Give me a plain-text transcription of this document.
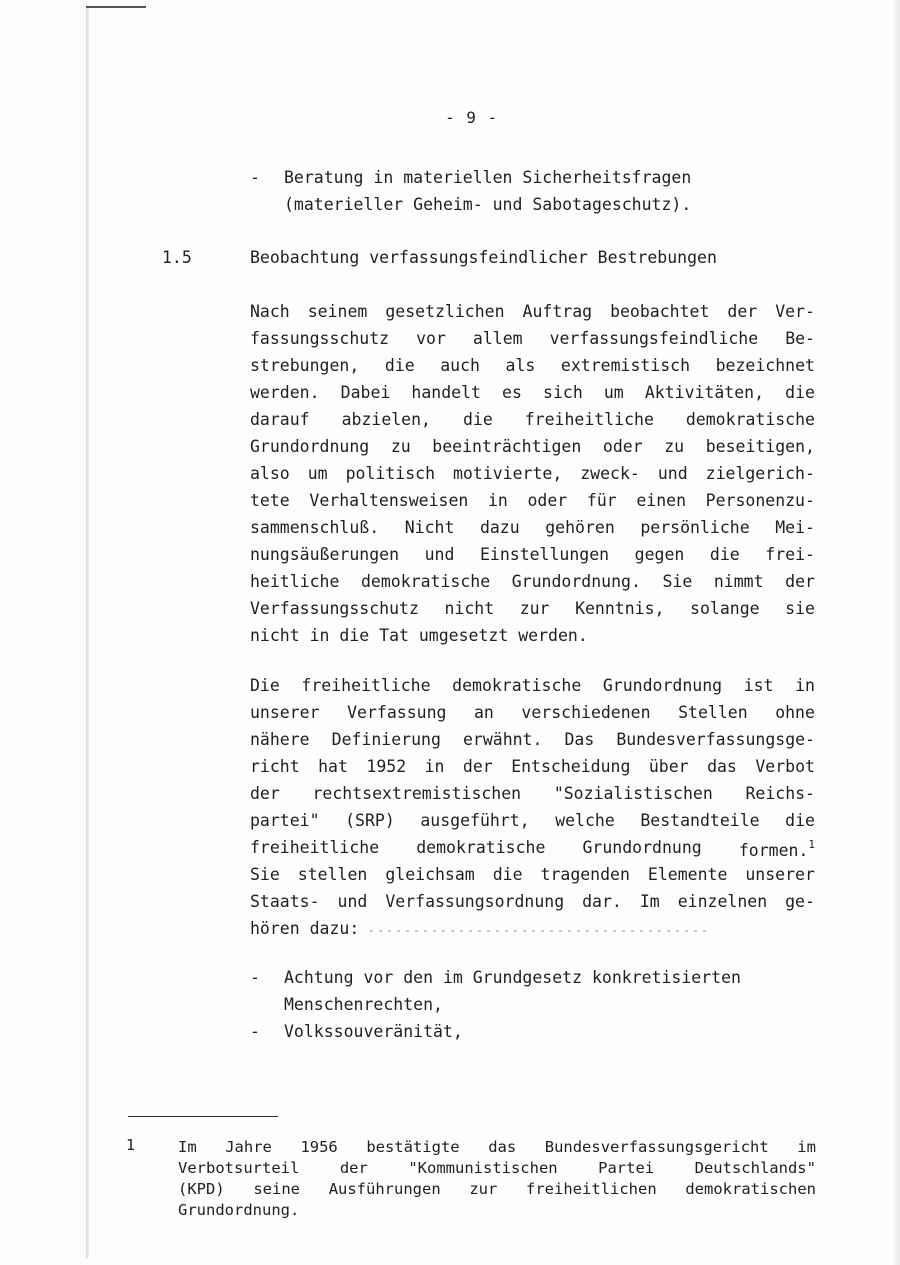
- 9 -
- Beratung in materiellen Sicherheitsfragen
(materieller Geheim- und Sabotageschutz).
1.5	Beobachtung verfassungsfeindlicher Bestrebungen
Nach seinem gesetzlichen Auftrag beobachtet der Ver-
fassungsschutz vor allem verfassungsfeindliche Be-
strebungen, die auch als extremistisch bezeichnet
werden. Dabei handelt es sich um Aktivitäten, die
darauf abzielen, die freiheitliche demokratische
Grundordnung zu beeinträchtigen oder zu beseitigen,
also um politisch motivierte, zweck- und zielgerich-
tete Verhaltensweisen in oder für einen Personenzu-
sammenschluß. Nicht dazu gehören persönliche Mei-
nungsäußerungen und Einstellungen gegen die frei-
heitliche demokratische Grundordnung. Sie nimmt der
Verfassungsschutz nicht zur Kenntnis, solange sie
nicht in die Tat umgesetzt werden.
Die freiheitliche demokratische Grundordnung ist in
unserer Verfassung an verschiedenen Stellen ohne
nähere Definierung erwähnt. Das Bundesverfassungsge-
richt hat 1952 in der Entscheidung über das Verbot
der rechtsextremistischen "Sozialistischen Reichs-
partei" (SRP) ausgeführt, welche Bestandteile die
freiheitliche demokratische Grundordnung formen.$^1$
Sie stellen gleichsam die tragenden Elemente unserer
Staats- und Verfassungsordnung dar. Im einzelnen ge-
hören dazu:
- Achtung vor den im Grundgesetz konkretisierten
Menschenrechten,
- Volkssouveränität,
1	Im Jahre 1956 bestätigte das Bundesverfassungsgericht im
Verbotsurteil	der	"Kommunistischen	Partei	Deutschlands"
(KPD) seine Ausführungen zur freiheitlichen demokratischen
Grundordnung.
